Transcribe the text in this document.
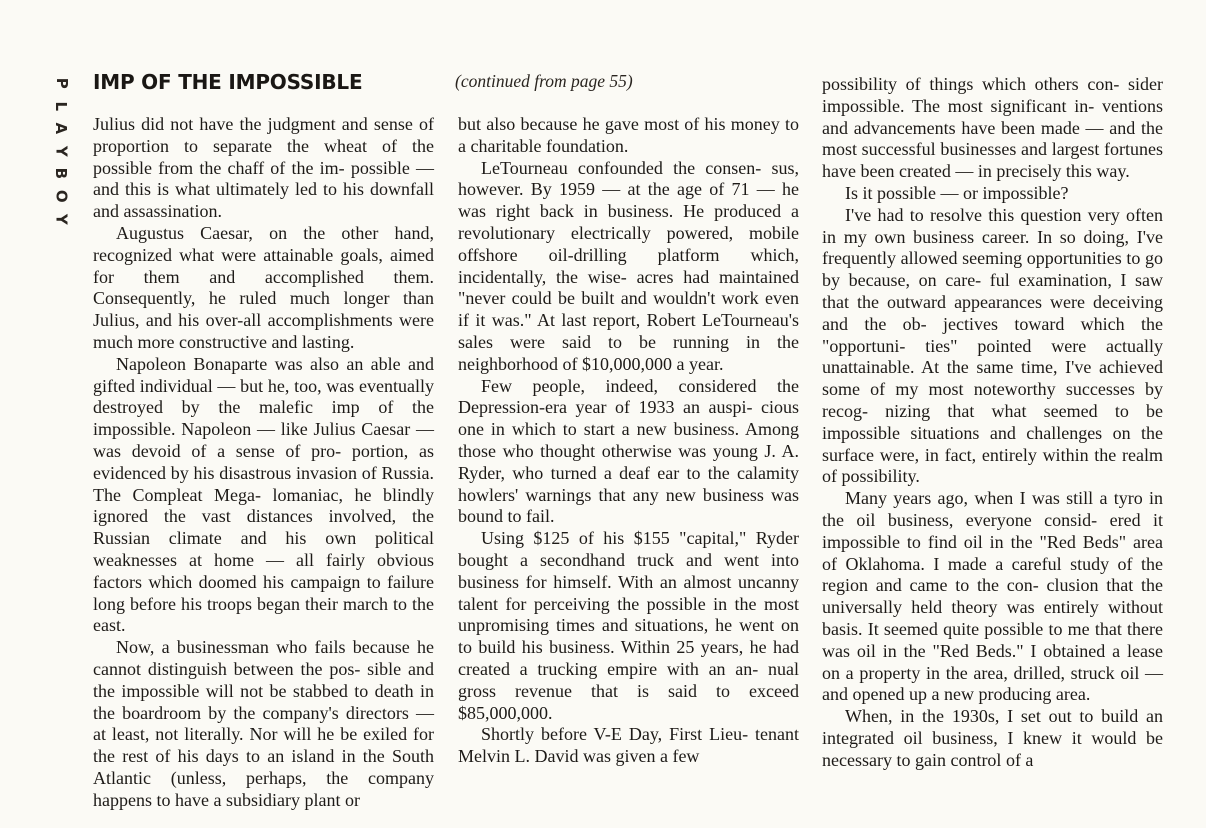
P
L
A
Y
B
O
Y
IMP OF THE IMPOSSIBLE	(continued from page 55)

Julius did not have the judgment and sense of proportion to separate the wheat of the possible from the chaff of the im- possible — and this is what ultimately led to his downfall and assassination.

Augustus Caesar, on the other hand, recognized what were attainable goals, aimed for them and accomplished them. Consequently, he ruled much longer than Julius, and his over-all accomplishments were much more constructive and lasting.

Napoleon Bonaparte was also an able and gifted individual — but he, too, was eventually destroyed by the malefic imp of the impossible. Napoleon — like Julius Caesar — was devoid of a sense of pro- portion, as evidenced by his disastrous invasion of Russia. The Compleat Mega- lomaniac, he blindly ignored the vast distances involved, the Russian climate and his own political weaknesses at home — all fairly obvious factors which doomed his campaign to failure long before his troops began their march to the east.

Now, a businessman who fails because he cannot distinguish between the pos- sible and the impossible will not be stabbed to death in the boardroom by the company's directors — at least, not literally. Nor will he be exiled for the rest of his days to an island in the South Atlantic (unless, perhaps, the company happens to have a subsidiary plant or

but also because he gave most of his money to a charitable foundation.

LeTourneau confounded the consen- sus, however. By 1959 — at the age of 71 — he was right back in business. He produced a revolutionary electrically powered, mobile offshore oil-drilling platform which, incidentally, the wise- acres had maintained "never could be built and wouldn't work even if it was." At last report, Robert LeTourneau's sales were said to be running in the neighborhood of $10,000,000 a year.

Few people, indeed, considered the Depression-era year of 1933 an auspi- cious one in which to start a new business. Among those who thought otherwise was young J. A. Ryder, who turned a deaf ear to the calamity howlers' warnings that any new business was bound to fail.

Using $125 of his $155 "capital," Ryder bought a secondhand truck and went into business for himself. With an almost uncanny talent for perceiving the possible in the most unpromising times and situations, he went on to build his business. Within 25 years, he had created a trucking empire with an an- nual gross revenue that is said to exceed $85,000,000.

Shortly before V-E Day, First Lieu- tenant Melvin L. David was given a few

possibility of things which others con- sider impossible. The most significant in- ventions and advancements have been made — and the most successful businesses and largest fortunes have been created — in precisely this way.

Is it possible — or impossible?

I've had to resolve this question very often in my own business career. In so doing, I've frequently allowed seeming opportunities to go by because, on care- ful examination, I saw that the outward appearances were deceiving and the ob- jectives toward which the "opportuni- ties" pointed were actually unattainable. At the same time, I've achieved some of my most noteworthy successes by recog- nizing that what seemed to be impossible situations and challenges on the surface were, in fact, entirely within the realm of possibility.

Many years ago, when I was still a tyro in the oil business, everyone consid- ered it impossible to find oil in the "Red Beds" area of Oklahoma. I made a careful study of the region and came to the con- clusion that the universally held theory was entirely without basis. It seemed quite possible to me that there was oil in the "Red Beds." I obtained a lease on a property in the area, drilled, struck oil — and opened up a new producing area.

When, in the 1930s, I set out to build an integrated oil business, I knew it would be necessary to gain control of a
